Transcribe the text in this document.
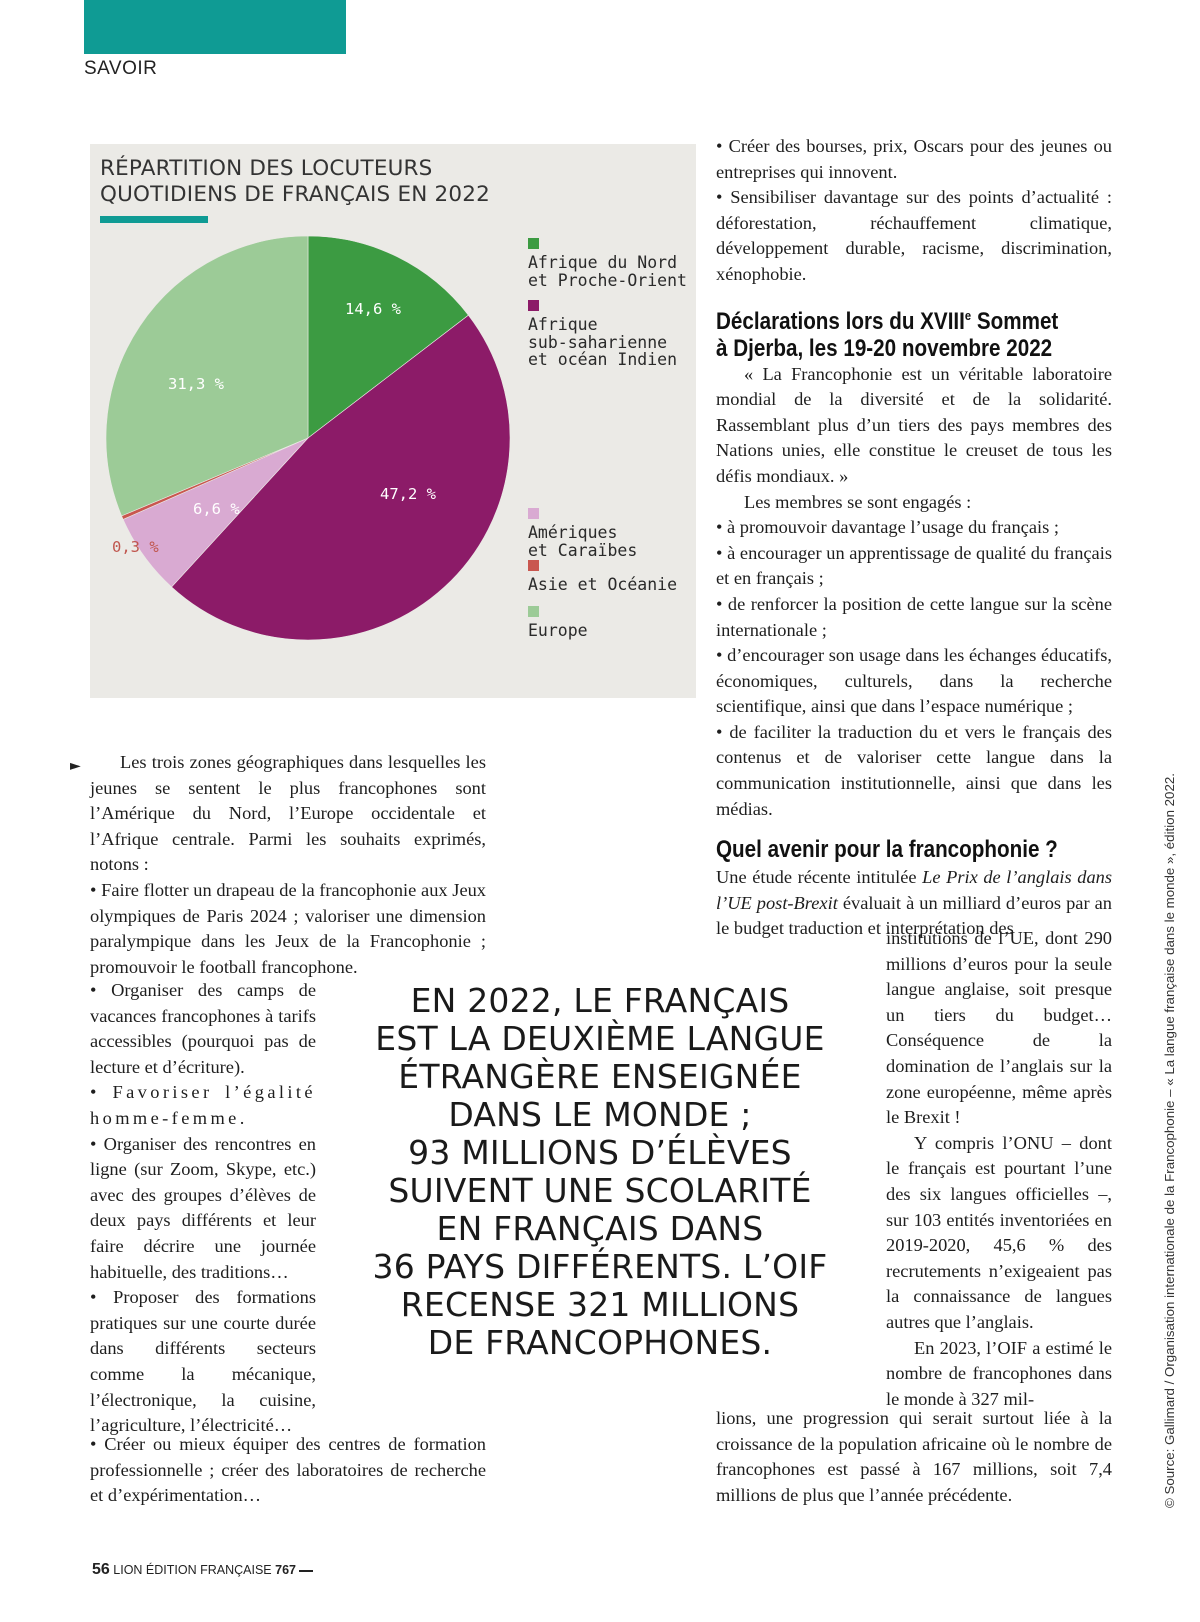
SAVOIR
RÉPARTITION DES LOCUTEURS
QUOTIDIENS DE FRANÇAIS EN 2022
14,6 %
47,2 %
6,6 %
0,3 %
31,3 %
Afrique du Nord
et Proche-Orient
Afrique
sub-saharienne
et océan Indien
Amériques
et Caraïbes
Asie et Océanie
Europe
►	Les trois zones géographiques dans lesquelles les jeunes se sentent le plus francophones sont l’Amérique du Nord, l’Europe occidentale et l’Afrique centrale. Parmi les souhaits exprimés, notons :

• Faire flotter un drapeau de la francophonie aux Jeux olympiques de Paris 2024 ; valoriser une dimension paralympique dans les Jeux de la Francophonie ; promouvoir le football francophone.

• Organiser des camps de vacances francophones à tarifs accessibles (pourquoi pas de lecture et d’écriture).

• Favoriser l’égalité homme-femme.

• Organiser des rencontres en ligne (sur Zoom, Skype, etc.) avec des groupes d’élèves de deux pays différents et leur faire décrire une journée habituelle, des traditions…

• Proposer des formations pratiques sur une courte durée dans différents secteurs comme la mécanique, l’électronique, la cuisine, l’agriculture, l’électricité…

• Créer ou mieux équiper des centres de formation professionnelle ; créer des laboratoires de recherche et d’expérimentation…

EN 2022, LE FRANÇAIS
EST LA DEUXIÈME LANGUE
ÉTRANGÈRE ENSEIGNÉE
DANS LE MONDE ;
93 MILLIONS D’ÉLÈVES
SUIVENT UNE SCOLARITÉ
EN FRANÇAIS DANS
36 PAYS DIFFÉRENTS. L’OIF
RECENSE 321 MILLIONS
DE FRANCOPHONES.

• Créer des bourses, prix, Oscars pour des jeunes ou entreprises qui innovent.

• Sensibiliser davantage sur des points d’actualité : déforestation, réchauffement climatique, développement durable, racisme, discrimination, xénophobie.

Déclarations lors du XVIIIe Sommet

à Djerba, les 19-20 novembre 2022

« La Francophonie est un véritable laboratoire mondial de la diversité et de la solidarité. Rassemblant plus d’un tiers des pays membres des Nations unies, elle constitue le creuset de tous les défis mondiaux. »

Les membres se sont engagés :

• à promouvoir davantage l’usage du français ;

• à encourager un apprentissage de qualité du français et en français ;

• de renforcer la position de cette langue sur la scène internationale ;

• d’encourager son usage dans les échanges éducatifs, économiques, culturels, dans la recherche scientifique, ainsi que dans l’espace numérique ;

• de faciliter la traduction du et vers le français des contenus et de valoriser cette langue dans la communication institutionnelle, ainsi que dans les médias.

Quel avenir pour la francophonie ?

Une étude récente intitulée Le Prix de l’anglais dans l’UE post-Brexit évaluait à un milliard d’euros par an le budget traduction et interprétation des

institutions de l’UE, dont 290 millions d’euros pour la seule langue anglaise, soit presque un tiers du budget… Conséquence de la domination de l’anglais sur la zone européenne, même après le Brexit !

Y compris l’ONU – dont le français est pourtant l’une des six langues officielles –, sur 103 entités inventoriées en 2019-2020, 45,6 % des recrutements n’exigeaient pas la connaissance de langues autres que l’anglais.

En 2023, l’OIF a estimé le nombre de francophones dans le monde à 327 mil-

lions, une progression qui serait surtout liée à la croissance de la population africaine où le nombre de francophones est passé à 167 millions, soit 7,4 millions de plus que l’année précédente.	© Source: Gallimard / Organisation internationale de la Francophonie – « La langue française dans le monde », édition 2022.
56 LION ÉDITION FRANÇAISE 767
